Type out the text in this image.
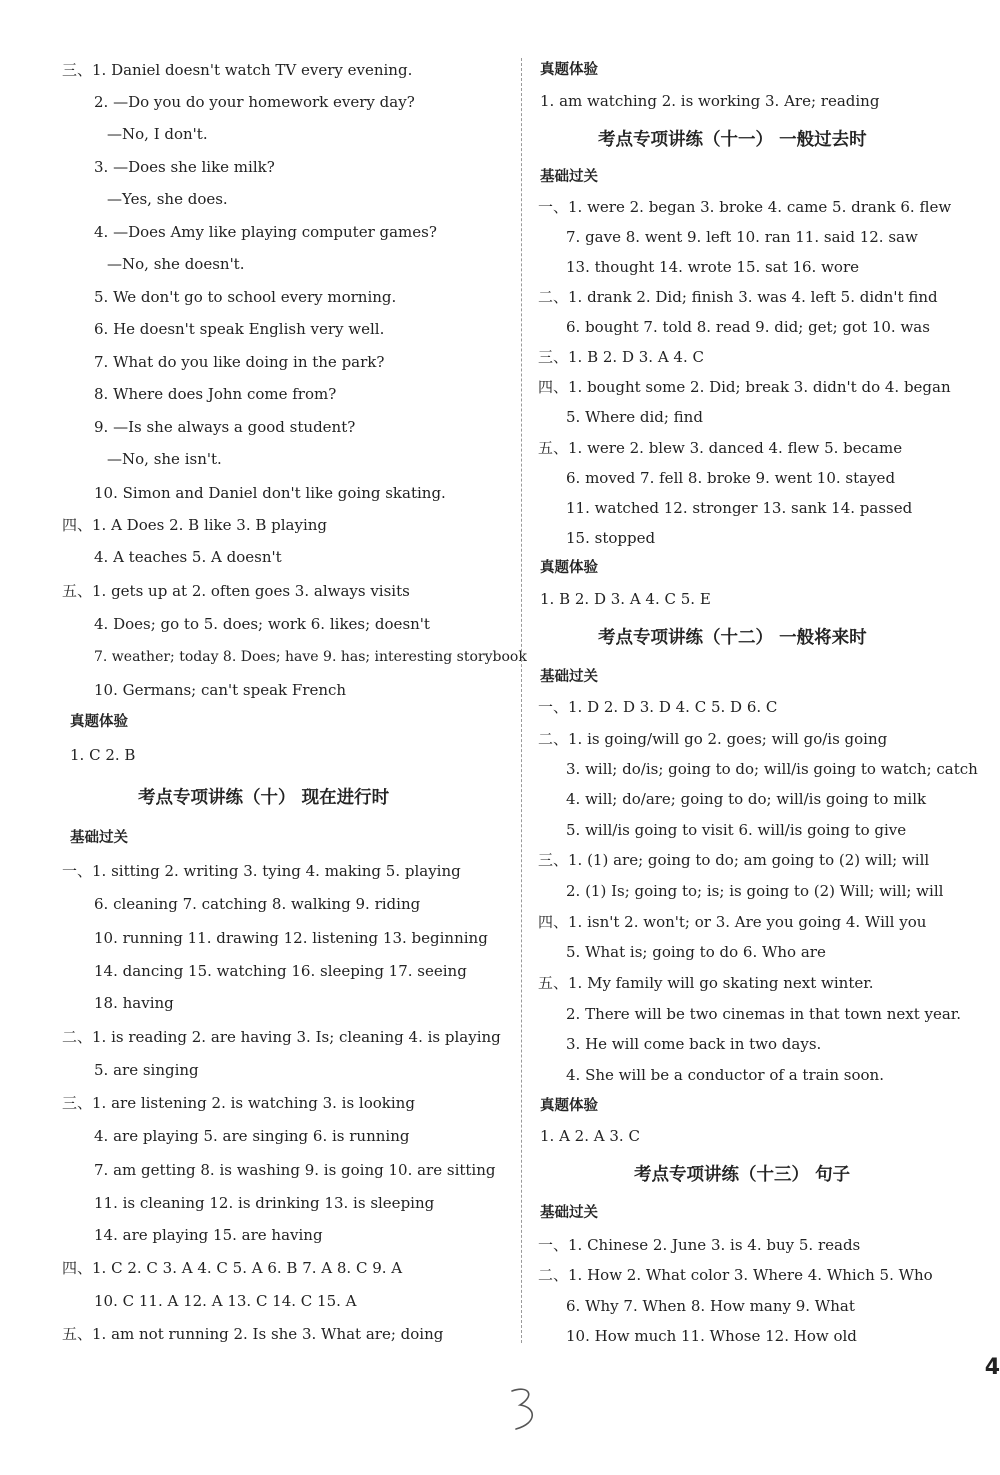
三、1. Daniel doesn't watch TV every evening.
2. —Do you do your homework every day?
—No, I don't.
3. —Does she like milk?
—Yes, she does.
4. —Does Amy like playing computer games?
—No, she doesn't.
5. We don't go to school every morning.
6. He doesn't speak English very well.
7. What do you like doing in the park?
8. Where does John come from?
9. —Is she always a good student?
—No, she isn't.
10. Simon and Daniel don't like going skating.
四、1. A Does 2. B like 3. B playing
4. A teaches 5. A doesn't
五、1. gets up at 2. often goes 3. always visits
4. Does; go to 5. does; work 6. likes; doesn't
7. weather; today 8. Does; have 9. has; interesting storybook
10. Germans; can't speak French
真题体验
1. C 2. B
考点专项讲练（十） 现在进行时
基础过关
一、1. sitting 2. writing 3. tying 4. making 5. playing
6. cleaning 7. catching 8. walking 9. riding
10. running 11. drawing 12. listening 13. beginning
14. dancing 15. watching 16. sleeping 17. seeing
18. having
二、1. is reading 2. are having 3. Is; cleaning 4. is playing
5. are singing
三、1. are listening 2. is watching 3. is looking
4. are playing 5. are singing 6. is running
7. am getting 8. is washing 9. is going 10. are sitting
11. is cleaning 12. is drinking 13. is sleeping
14. are playing 15. are having
四、1. C 2. C 3. A 4. C 5. A 6. B 7. A 8. C 9. A
10. C 11. A 12. A 13. C 14. C 15. A
五、1. am not running 2. Is she 3. What are; doing
真题体验
1. am watching 2. is working 3. Are; reading
考点专项讲练（十一） 一般过去时
基础过关
一、1. were 2. began 3. broke 4. came 5. drank 6. flew
7. gave 8. went 9. left 10. ran 11. said 12. saw
13. thought 14. wrote 15. sat 16. wore
二、1. drank 2. Did; finish 3. was 4. left 5. didn't find
6. bought 7. told 8. read 9. did; get; got 10. was
三、1. B 2. D 3. A 4. C
四、1. bought some 2. Did; break 3. didn't do 4. began
5. Where did; find
五、1. were 2. blew 3. danced 4. flew 5. became
6. moved 7. fell 8. broke 9. went 10. stayed
11. watched 12. stronger 13. sank 14. passed
15. stopped
真题体验
1. B 2. D 3. A 4. C 5. E
考点专项讲练（十二） 一般将来时
基础过关
一、1. D 2. D 3. D 4. C 5. D 6. C
二、1. is going/will go 2. goes; will go/is going
3. will; do/is; going to do; will/is going to watch; catch
4. will; do/are; going to do; will/is going to milk
5. will/is going to visit 6. will/is going to give
三、1. (1) are; going to do; am going to (2) will; will
2. (1) Is; going to; is; is going to (2) Will; will; will
四、1. isn't 2. won't; or 3. Are you going 4. Will you
5. What is; going to do 6. Who are
五、1. My family will go skating next winter.
2. There will be two cinemas in that town next year.
3. He will come back in two days.
4. She will be a conductor of a train soon.
真题体验
1. A 2. A 3. C
考点专项讲练（十三） 句子
基础过关
一、1. Chinese 2. June 3. is 4. buy 5. reads
二、1. How 2. What color 3. Where 4. Which 5. Who
6. Why 7. When 8. How many 9. What
10. How much 11. Whose 12. How old
4
